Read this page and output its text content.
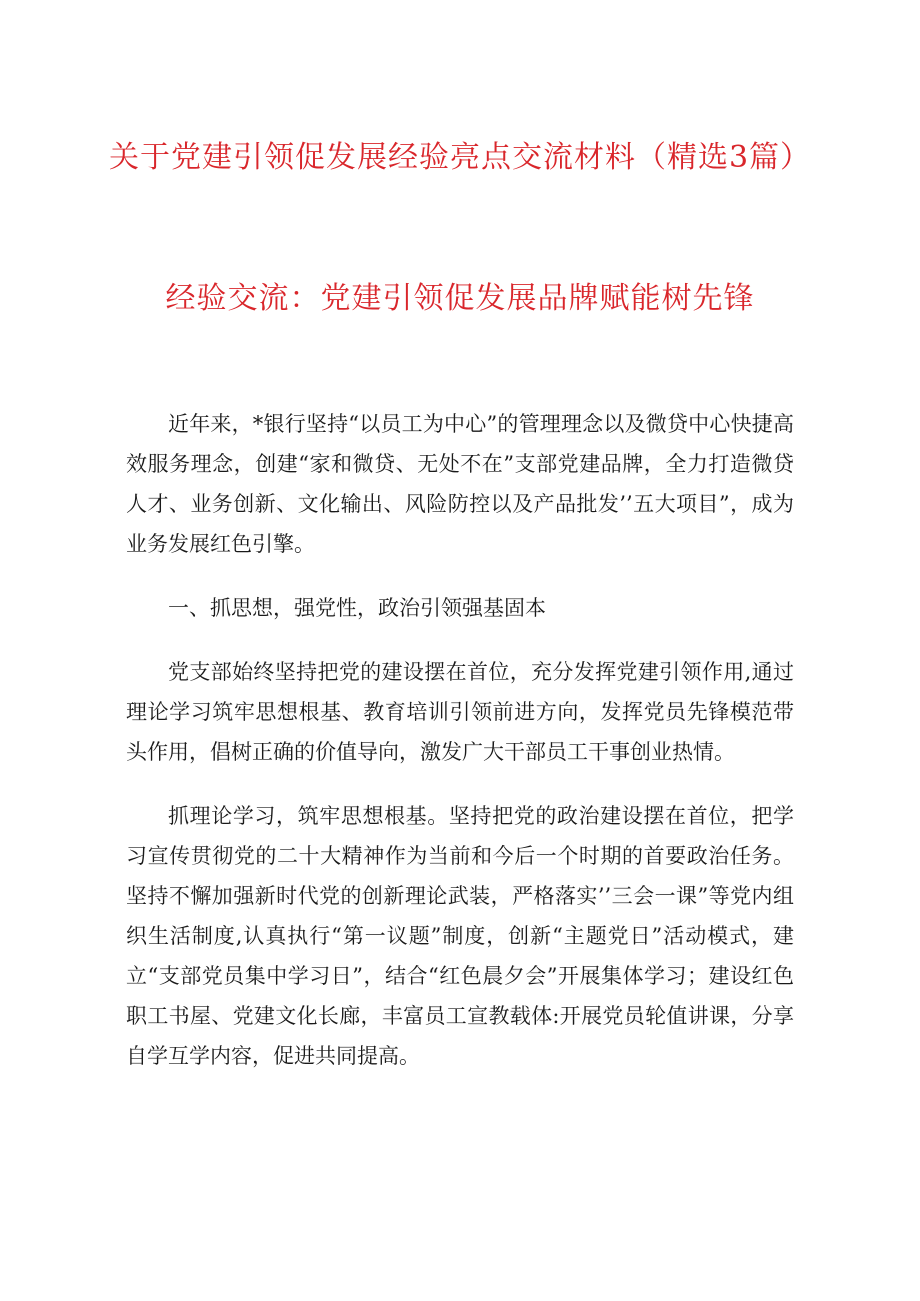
关于党建引领促发展经验亮点交流材料（精选3篇）
经验交流：党建引领促发展品牌赋能树先锋

近年来，*银行坚持“以员工为中心”的管理理念以及微贷中心快捷高效服务理念，创建“家和微贷、无处不在”支部党建品牌，全力打造微贷人才、业务创新、文化输出、风险防控以及产品批发’’五大项目”，成为业务发展红色引擎。

一、抓思想，强党性，政治引领强基固本

党支部始终坚持把党的建设摆在首位，充分发挥党建引领作用,通过理论学习筑牢思想根基、教育培训引领前进方向，发挥党员先锋模范带头作用，倡树正确的价值导向，激发广大干部员工干事创业热情。

抓理论学习，筑牢思想根基。坚持把党的政治建设摆在首位，把学习宣传贯彻党的二十大精神作为当前和今后一个时期的首要政治任务。坚持不懈加强新时代党的创新理论武装，严格落实’’三会一课”等党内组织生活制度,认真执行“第一议题”制度，创新“主题党日”活动模式，建立“支部党员集中学习日”，结合“红色晨夕会”开展集体学习；建设红色职工书屋、党建文化长廊，丰富员工宣教载体:开展党员轮值讲课，分享自学互学内容，促进共同提高。
